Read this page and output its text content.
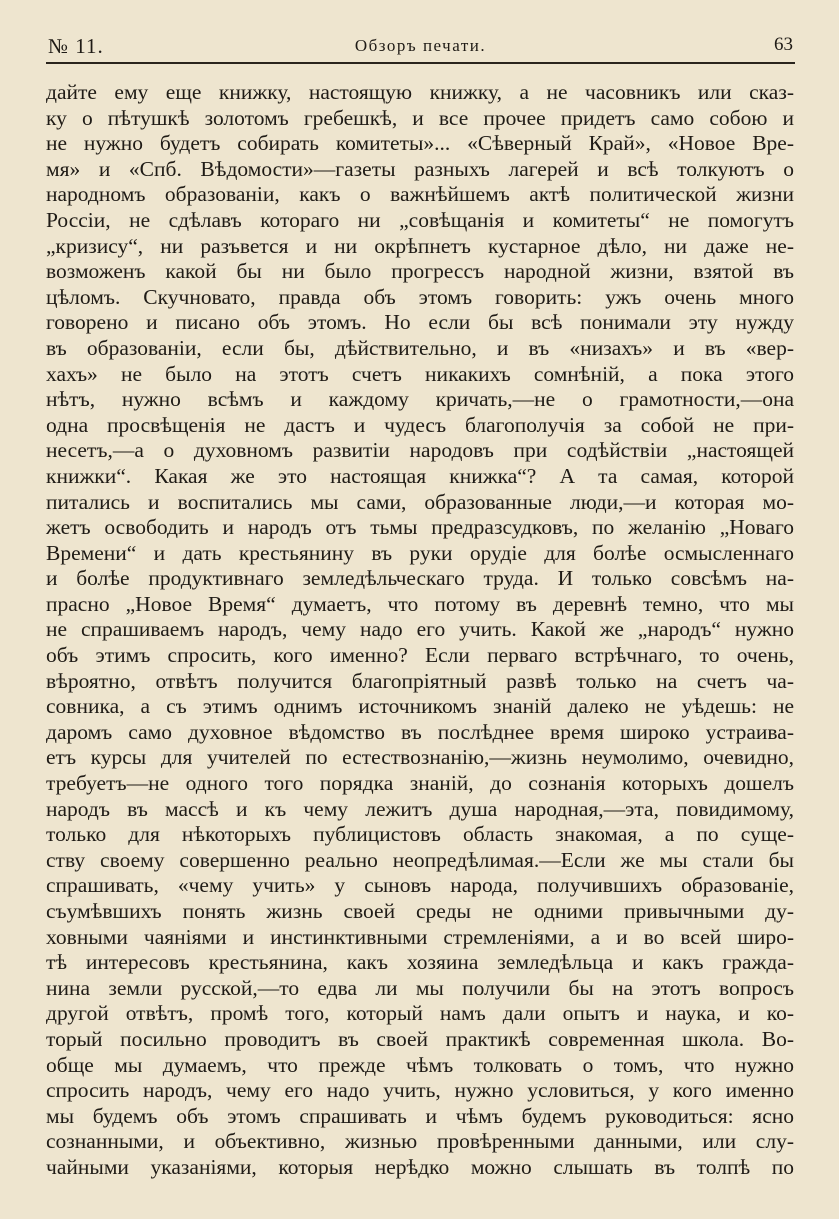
№ 11.	Обзоръ печати.	63
дайте ему еще книжку, настоящую книжку, а не часовникъ или сказ-
ку о пѣтушкѣ золотомъ гребешкѣ, и все прочее придетъ само собою и
не нужно будетъ собирать комитеты»... «Сѣверный Край», «Новое Вре-
мя» и «Спб. Вѣдомости»—газеты разныхъ лагерей и всѣ толкуютъ о
народномъ образованіи, какъ о важнѣйшемъ актѣ политической жизни
Россіи, не сдѣлавъ котораго ни „совѣщанія и комитеты“ не помогутъ
„кризису“, ни разъвется и ни окрѣпнетъ кустарное дѣло, ни даже не-
возможенъ какой бы ни было прогрессъ народной жизни, взятой въ
цѣломъ. Скучновато, правда объ этомъ говорить: ужъ очень много
говорено и писано объ этомъ. Но если бы всѣ понимали эту нужду
въ образованіи, если бы, дѣйствительно, и въ «низахъ» и въ «вер-
хахъ» не было на этотъ счетъ никакихъ сомнѣній, а пока этого
нѣтъ, нужно всѣмъ и каждому кричать,—не о грамотности,—она
одна просвѣщенія не дастъ и чудесъ благополучія за собой не при-
несетъ,—а о духовномъ развитіи народовъ при содѣйствіи „настоящей
книжки“. Какая же это настоящая книжка“? А та самая, которой
питались и воспитались мы сами, образованные люди,—и которая мо-
жетъ освободить и народъ отъ тьмы предразсудковъ, по желанію „Новаго
Времени“ и дать крестьянину въ руки орудіе для болѣе осмысленнаго
и болѣе продуктивнаго земледѣльческаго труда. И только совсѣмъ на-
прасно „Новое Время“ думаетъ, что потому въ деревнѣ темно, что мы
не спрашиваемъ народъ, чему надо его учить. Какой же „народъ“ нужно
объ этимъ спросить, кого именно? Если перваго встрѣчнаго, то очень,
вѣроятно, отвѣтъ получится благопріятный развѣ только на счетъ ча-
совника, а съ этимъ однимъ источникомъ знаній далеко не уѣдешь: не
даромъ само духовное вѣдомство въ послѣднее время широко устраива-
етъ курсы для учителей по естествознанію,—жизнь неумолимо, очевидно,
требуетъ—не одного того порядка знаній, до сознанія которыхъ дошелъ
народъ въ массѣ и къ чему лежитъ душа народная,—эта, повидимому,
только для нѣкоторыхъ публицистовъ область знакомая, а по суще-
ству своему совершенно реально неопредѣлимая.—Если же мы стали бы
спрашивать, «чему учить» у сыновъ народа, получившихъ образованіе,
съумѣвшихъ понять жизнь своей среды не одними привычными ду-
ховными чаяніями и инстинктивными стремленіями, а и во всей широ-
тѣ интересовъ крестьянина, какъ хозяина земледѣльца и какъ гражда-
нина земли русской,—то едва ли мы получили бы на этотъ вопросъ
другой отвѣтъ, промѣ того, который намъ дали опытъ и наука, и ко-
торый посильно проводитъ въ своей практикѣ современная школа. Во-
обще мы думаемъ, что прежде чѣмъ толковать о томъ, что нужно
спросить народъ, чему его надо учить, нужно условиться, у кого именно
мы будемъ объ этомъ спрашивать и чѣмъ будемъ руководиться: ясно
сознанными, и объективно, жизнью провѣренными данными, или слу-
чайными указаніями, которыя нерѣдко можно слышать въ толпѣ по
